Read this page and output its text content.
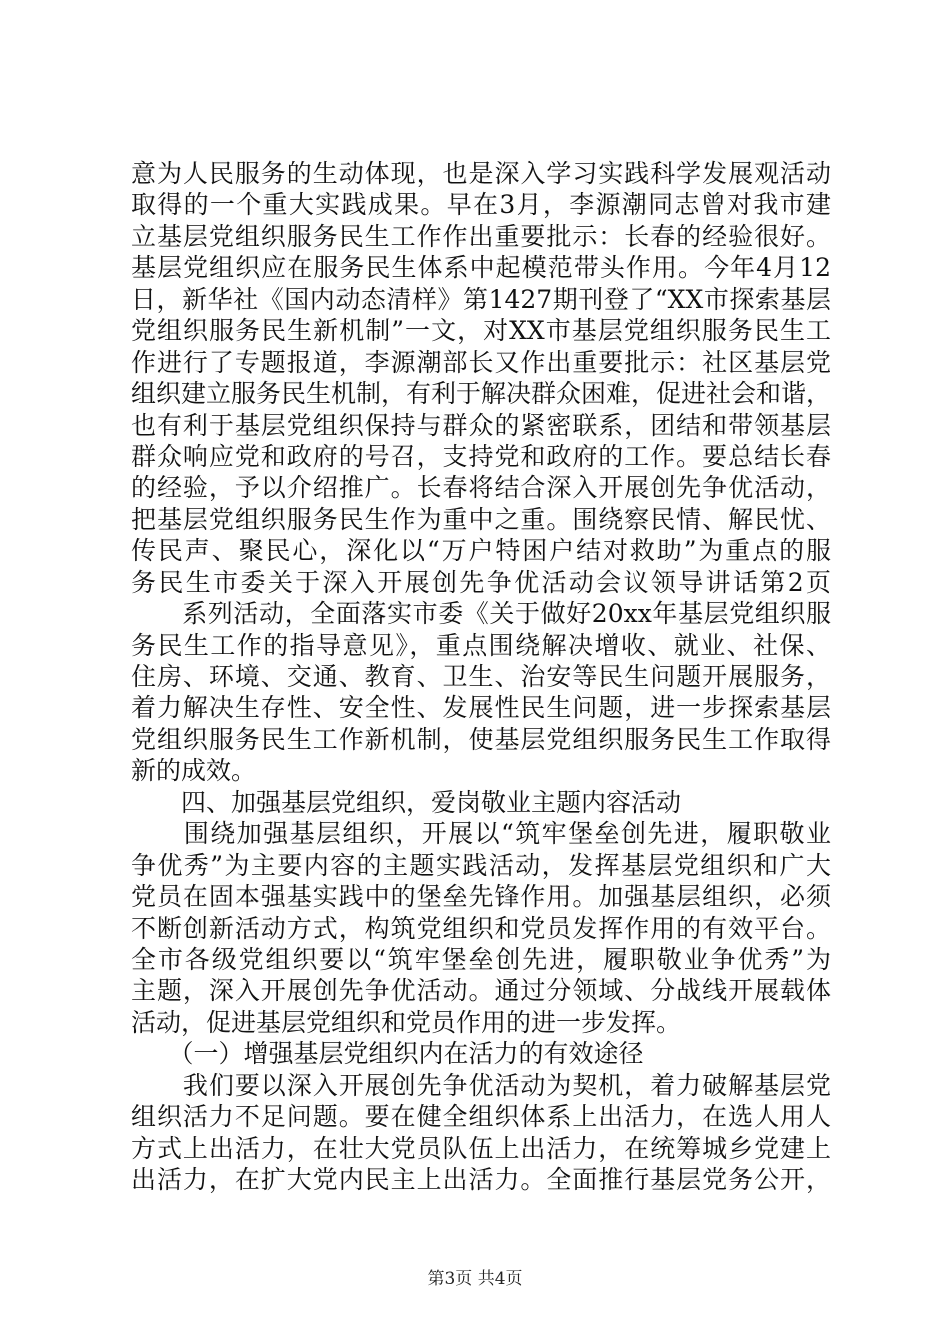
意为人民服务的生动体现，也是深入学习实践科学发展观活动
取得的一个重大实践成果。早在3月，李源潮同志曾对我市建
立基层党组织服务民生工作作出重要批示：长春的经验很好。
基层党组织应在服务民生体系中起模范带头作用。今年4月12
日，新华社《国内动态清样》第1427期刊登了“XX市探索基层
党组织服务民生新机制”一文，对XX市基层党组织服务民生工
作进行了专题报道，李源潮部长又作出重要批示：社区基层党
组织建立服务民生机制，有利于解决群众困难，促进社会和谐，
也有利于基层党组织保持与群众的紧密联系，团结和带领基层
群众响应党和政府的号召，支持党和政府的工作。要总结长春
的经验，予以介绍推广。长春将结合深入开展创先争优活动，
把基层党组织服务民生作为重中之重。围绕察民情、解民忧、
传民声、聚民心，深化以“万户特困户结对救助”为重点的服
务民生市委关于深入开展创先争优活动会议领导讲话第2页
　　系列活动，全面落实市委《关于做好20xx年基层党组织服
务民生工作的指导意见》，重点围绕解决增收、就业、社保、
住房、环境、交通、教育、卫生、治安等民生问题开展服务，
着力解决生存性、安全性、发展性民生问题，进一步探索基层
党组织服务民生工作新机制，使基层党组织服务民生工作取得
新的成效。
　　四、加强基层党组织，爱岗敬业主题内容活动
　　围绕加强基层组织，开展以“筑牢堡垒创先进，履职敬业
争优秀”为主要内容的主题实践活动，发挥基层党组织和广大
党员在固本强基实践中的堡垒先锋作用。加强基层组织，必须
不断创新活动方式，构筑党组织和党员发挥作用的有效平台。
全市各级党组织要以“筑牢堡垒创先进，履职敬业争优秀”为
主题，深入开展创先争优活动。通过分领域、分战线开展载体
活动，促进基层党组织和党员作用的进一步发挥。
　　（一）增强基层党组织内在活力的有效途径
　　我们要以深入开展创先争优活动为契机，着力破解基层党
组织活力不足问题。要在健全组织体系上出活力，在选人用人
方式上出活力，在壮大党员队伍上出活力，在统筹城乡党建上
出活力，在扩大党内民主上出活力。全面推行基层党务公开，
第3页 共4页
